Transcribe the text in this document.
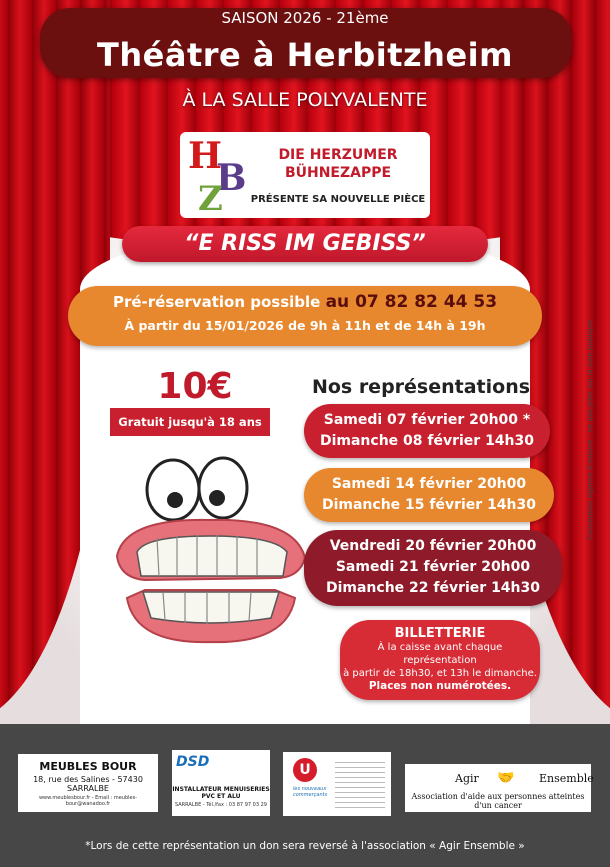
SAISON 2026 - 21ème
Théâtre à Herbitzheim
À LA SALLE POLYVALENTE
H
B
Z
DIE HERZUMER
BÜHNEZAPPE
PRÉSENTE SA NOUVELLE PIÈCE
“E RISS IM GEBISS”
Pré-réservation possible au 07 82 82 44 53
À partir du 15/01/2026 de 9h à 11h et de 14h à 19h
10€
Gratuit jusqu'à 18 ans
Nos représentations
Samedi 07 février 20h00 *
Dimanche 08 février 14h30
Samedi 14 février 20h00
Dimanche 15 février 14h30
Vendredi 20 février 20h00
Samedi 21 février 20h00
Dimanche 22 février 14h30
BILLETTERIE
À la caisse avant chaque représentation
à partir de 18h30, et 13h le dimanche.
Places non numérotées.
Conception Agence K'estone - ne pas jeter sur la voie publique
MEUBLES BOUR
18, rue des Salines - 57430 SARRALBE
www.meublesbour.fr - Email : meubles-bour@wanadoo.fr
DSD
INSTALLATEUR MENUISERIES PVC ET ALU
SARRALBE - Tél./fax : 03 87 97 03 29
U
les nouveaux commerçants
Agir 🤝 Ensemble
Association d'aide aux personnes atteintes d'un cancer
*Lors de cette représentation un don sera reversé à l'association « Agir Ensemble »
